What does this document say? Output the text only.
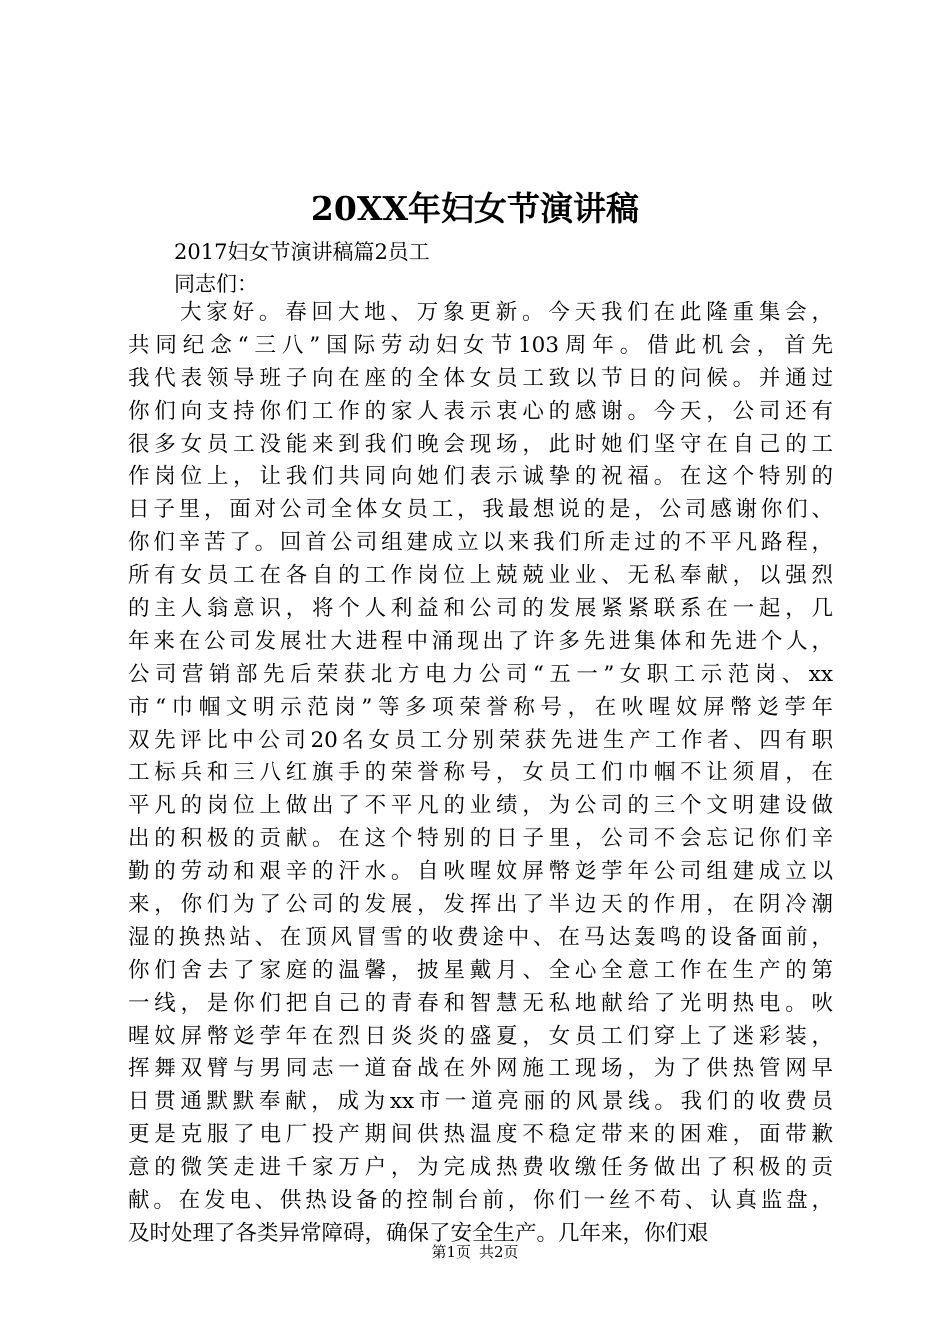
20XX年妇女节演讲稿
2017妇女节演讲稿篇2员工
同志们：
大家好。春回大地、万象更新。今天我们在此隆重集会，
共同纪念“三八”国际劳动妇女节103周年。借此机会，首先
我代表领导班子向在座的全体女员工致以节日的问候。并通过
你们向支持你们工作的家人表示衷心的感谢。今天，公司还有
很多女员工没能来到我们晚会现场，此时她们坚守在自己的工
作岗位上，让我们共同向她们表示诚挚的祝福。在这个特别的
日子里，面对公司全体女员工，我最想说的是，公司感谢你们、
你们辛苦了。回首公司组建成立以来我们所走过的不平凡路程，
所有女员工在各自的工作岗位上兢兢业业、无私奉献，以强烈
的主人翁意识，将个人利益和公司的发展紧紧联系在一起，几
年来在公司发展壮大进程中涌现出了许多先进集体和先进个人，
公司营销部先后荣获北方电力公司“五一”女职工示范岗、xx
市“巾帼文明示范岗”等多项荣誉称号，在吙暒妏屏幣彣荢年
双先评比中公司20名女员工分别荣获先进生产工作者、四有职
工标兵和三八红旗手的荣誉称号，女员工们巾帼不让须眉，在
平凡的岗位上做出了不平凡的业绩，为公司的三个文明建设做
出的积极的贡献。在这个特别的日子里，公司不会忘记你们辛
勤的劳动和艰辛的汗水。自吙暒妏屏幣彣荢年公司组建成立以
来，你们为了公司的发展，发挥出了半边天的作用，在阴冷潮
湿的换热站、在顶风冒雪的收费途中、在马达轰鸣的设备面前，
你们舍去了家庭的温馨，披星戴月、全心全意工作在生产的第
一线，是你们把自己的青春和智慧无私地献给了光明热电。吙
暒妏屏幣彣荢年在烈日炎炎的盛夏，女员工们穿上了迷彩装，
挥舞双臂与男同志一道奋战在外网施工现场，为了供热管网早
日贯通默默奉献，成为xx市一道亮丽的风景线。我们的收费员
更是克服了电厂投产期间供热温度不稳定带来的困难，面带歉
意的微笑走进千家万户，为完成热费收缴任务做出了积极的贡
献。在发电、供热设备的控制台前，你们一丝不苟、认真监盘，
及时处理了各类异常障碍，确保了安全生产。几年来，你们艰
第1页 共2页
